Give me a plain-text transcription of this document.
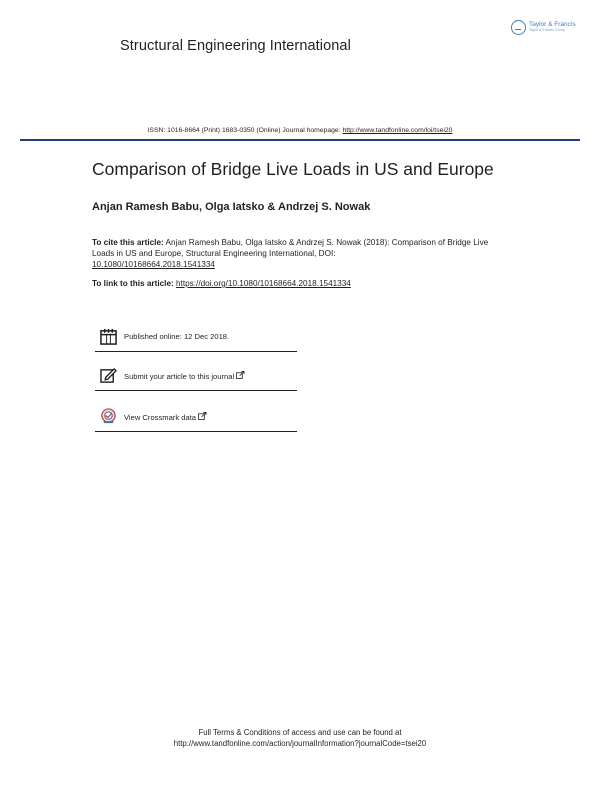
Structural Engineering International
Taylor & Francis
Taylor & Francis Group
ISSN: 1016-8664 (Print) 1683-0350 (Online) Journal homepage: http://www.tandfonline.com/loi/tsei20
Comparison of Bridge Live Loads in US and Europe
Anjan Ramesh Babu, Olga Iatsko & Andrzej S. Nowak
To cite this article: Anjan Ramesh Babu, Olga Iatsko & Andrzej S. Nowak (2018): Comparison of Bridge Live Loads in US and Europe, Structural Engineering International, DOI:
10.1080/10168664.2018.1541334
To link to this article: https://doi.org/10.1080/10168664.2018.1541334
Published online: 12 Dec 2018.
Submit your article to this journal
View Crossmark data
Full Terms & Conditions of access and use can be found at
http://www.tandfonline.com/action/journalInformation?journalCode=tsei20
